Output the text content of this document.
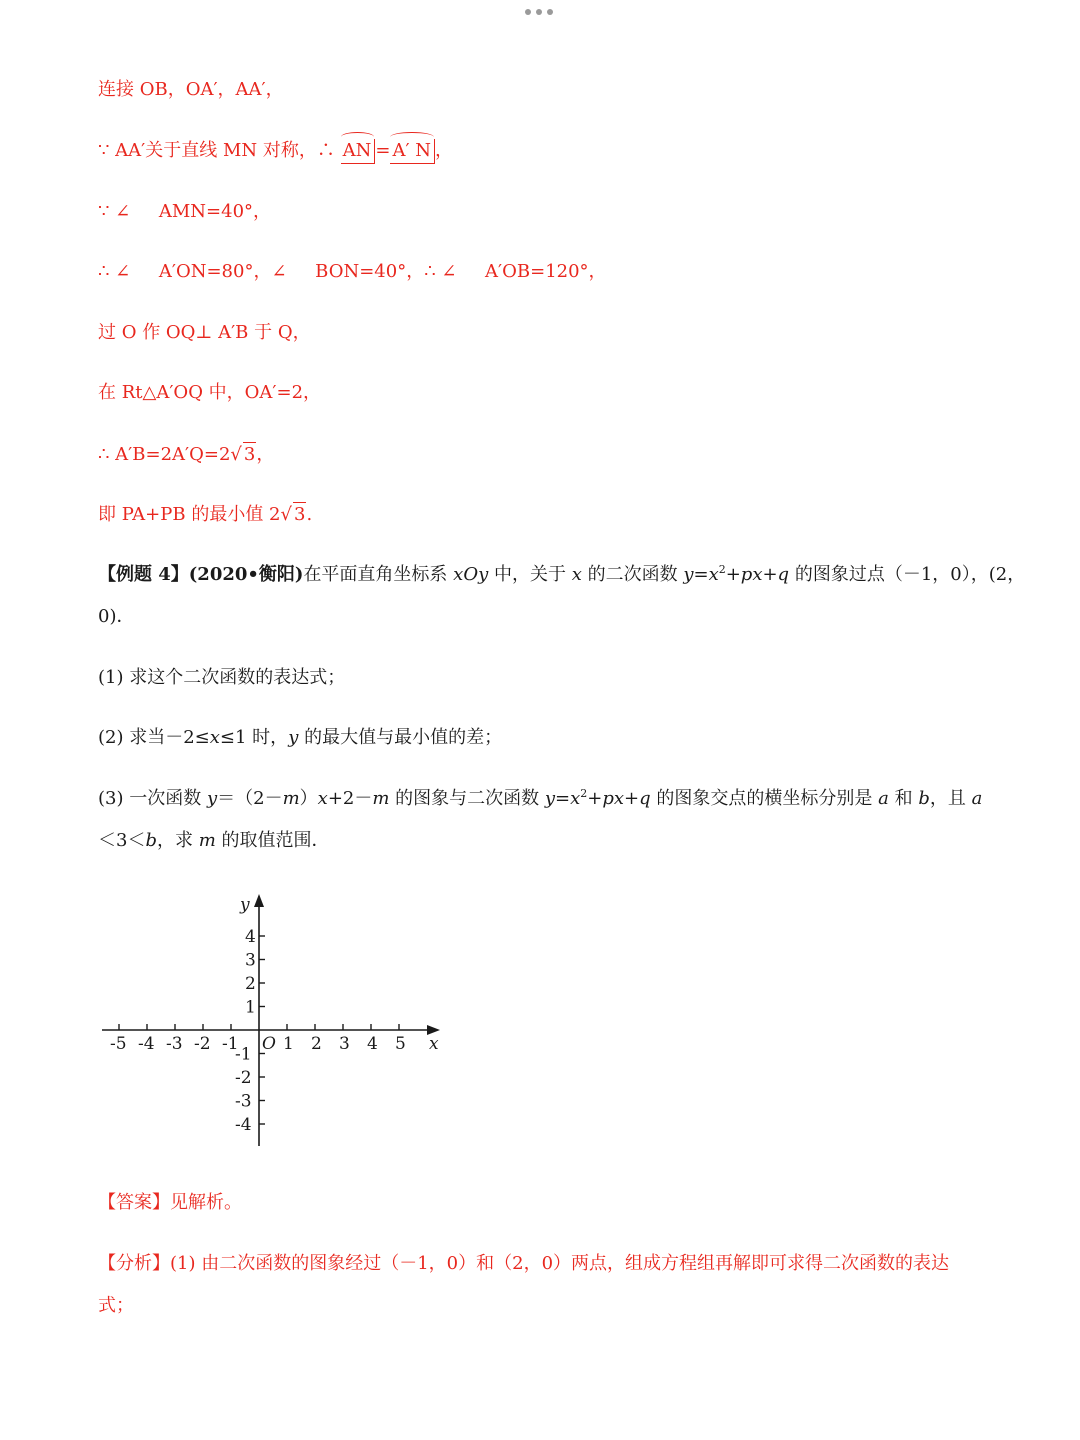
连接 OB，OA′，AA′，
∵ AA′关于直线 MN 对称，∴ AN = A′ N ，
∵ ∠     AMN=40°，
∴ ∠     A′ON=80°，∠     BON=40°，∴ ∠     A′OB=120°，
过 O 作 OQ⊥ A′B 于 Q，
在 Rt△A′OQ 中，OA′=2，
∴ A′B=2A′Q=2√ 3，
即 PA+PB 的最小值 2√ 3.
【例题 4】(2020•衡阳)在平面直角坐标系 xOy 中，关于 x 的二次函数 $y=x^2+px+q$ 的图象过点（－1，0），(2，
0)．
(1) 求这个二次函数的表达式；
(2) 求当－2≤x≤1 时，y 的最大值与最小值的差；
(3) 一次函数 y＝（2－m）x+2－m 的图象与二次函数 $y=x^2+px+q$ 的图象交点的横坐标分别是 a 和 b，且 a
＜3＜b，求 m 的取值范围．
-5 -4 -3 -2 -1	1 2 3 4 5
4
3
2
1
-1
-2
-3
-4
x
y
O
【答案】见解析。
【分析】(1) 由二次函数的图象经过（－1，0）和（2，0）两点，组成方程组再解即可求得二次函数的表达
式；
